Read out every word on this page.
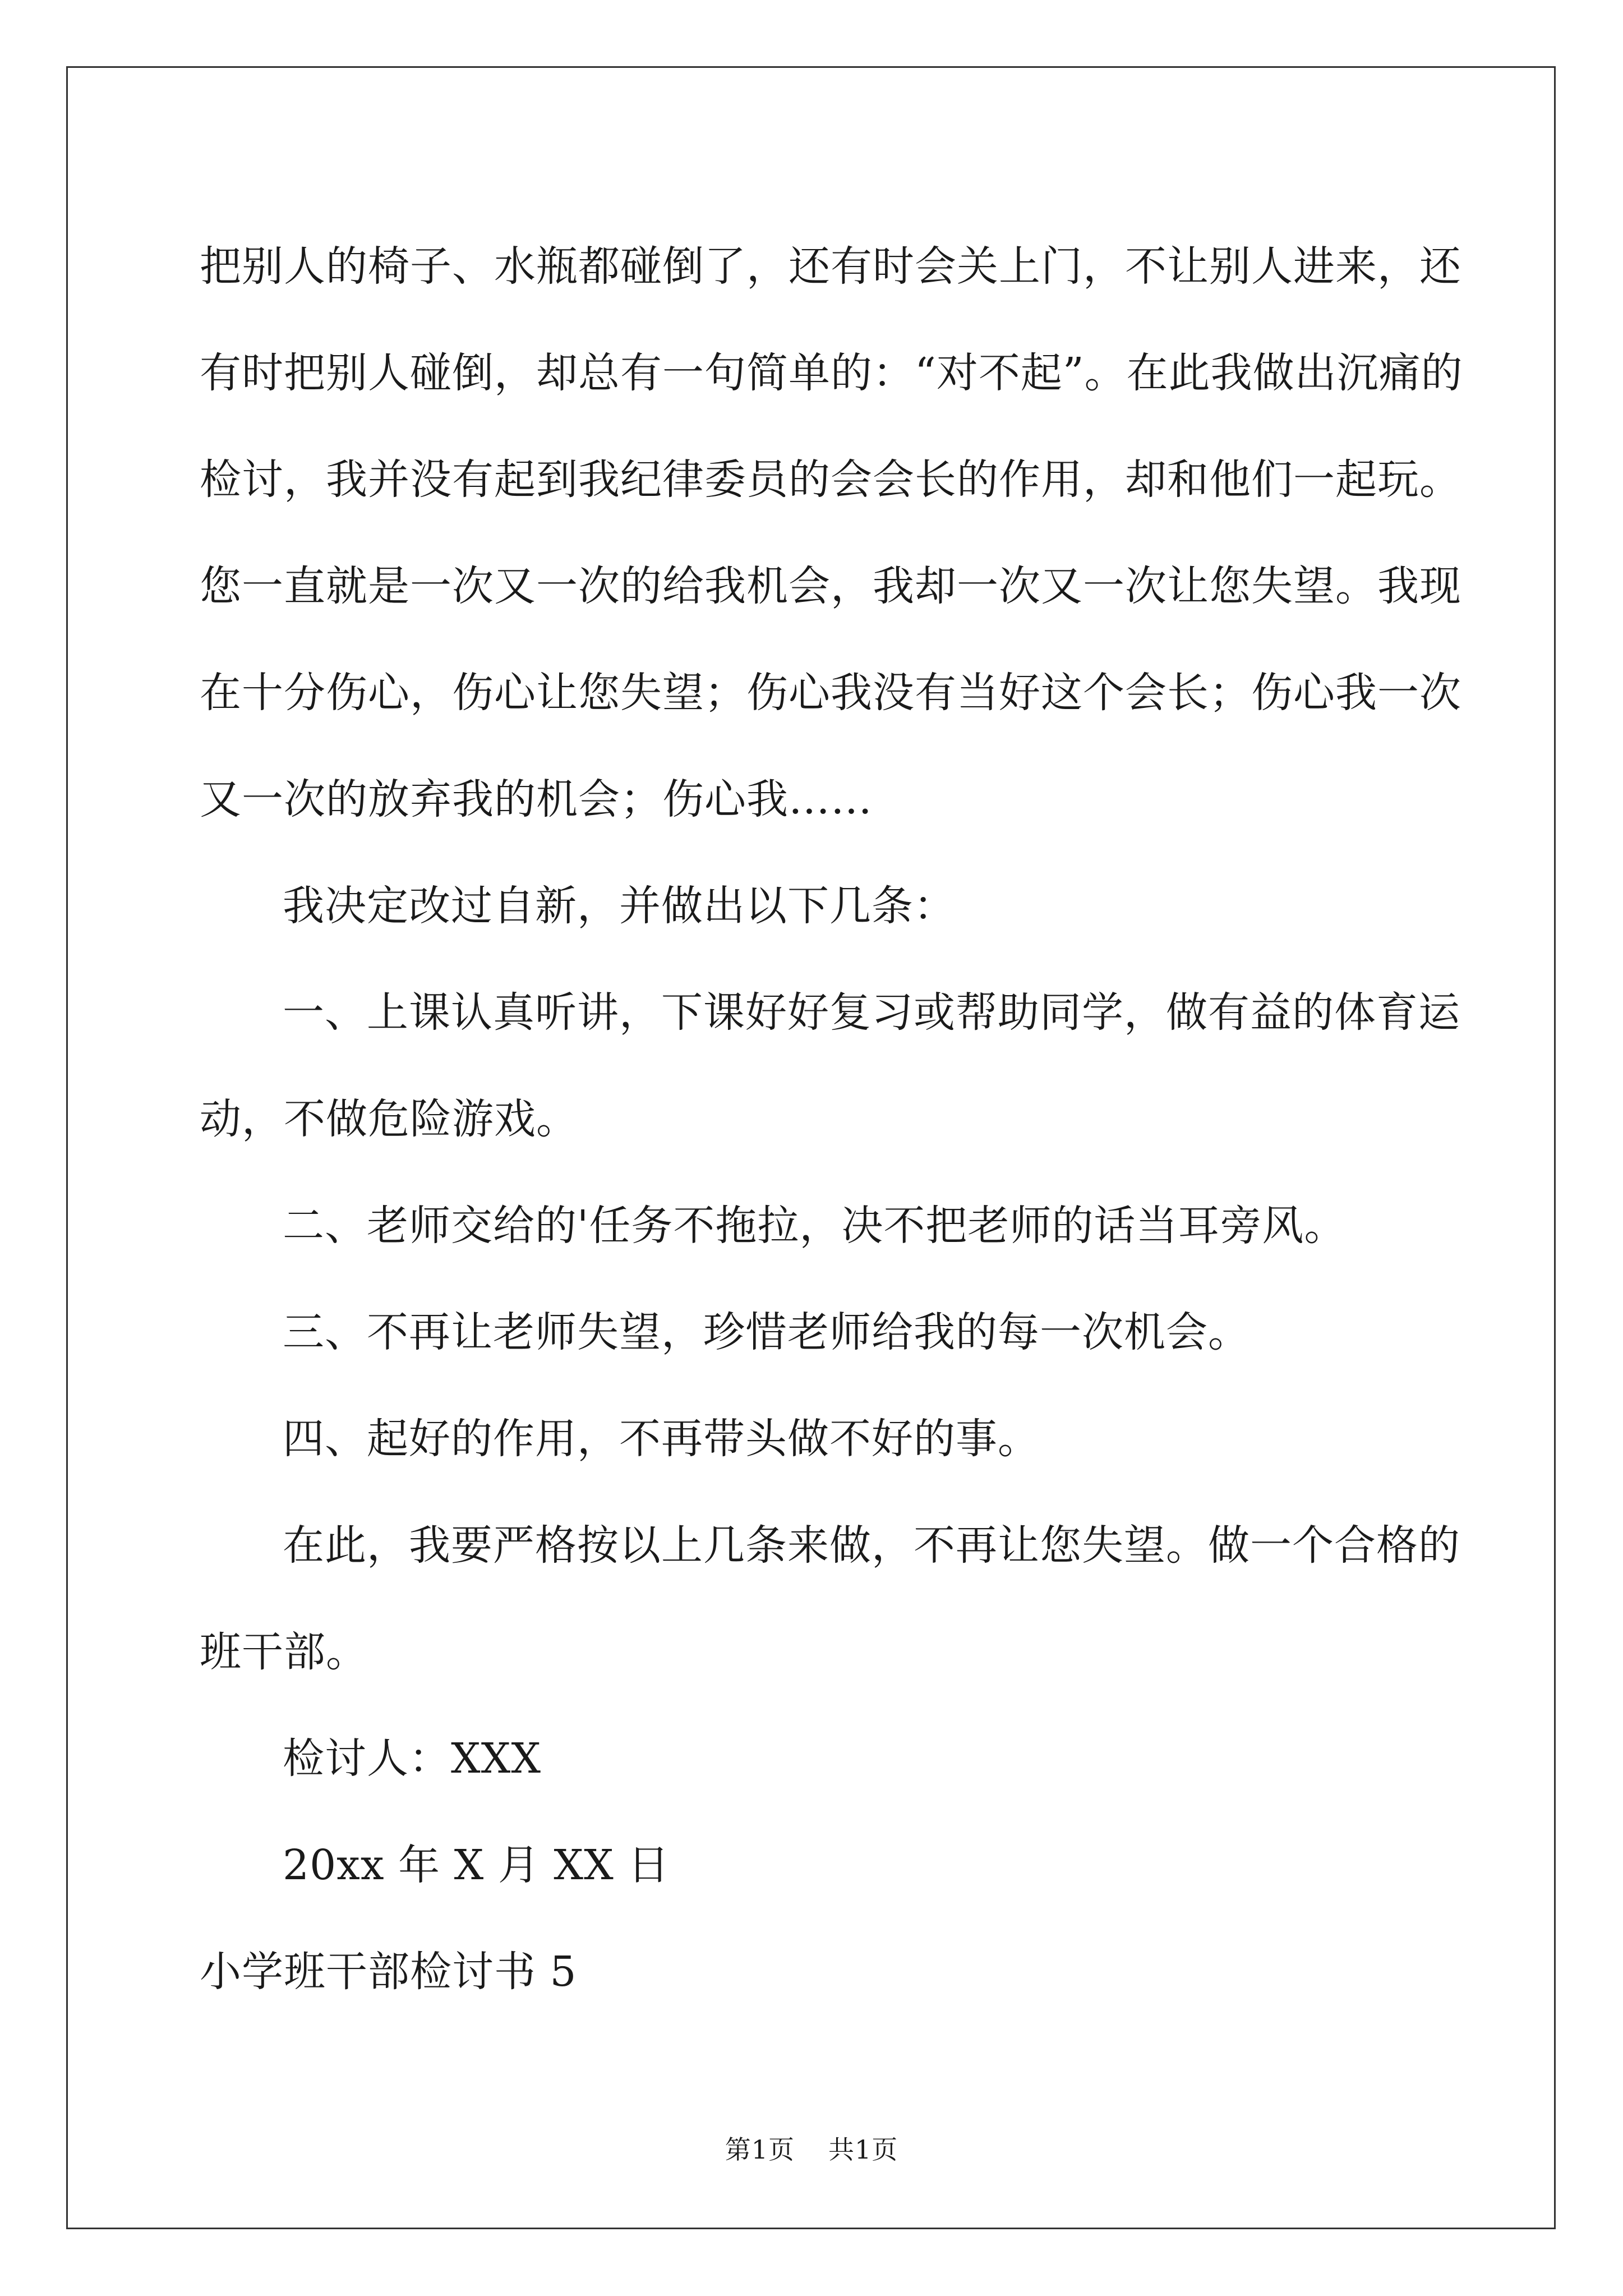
把别人的椅子、水瓶都碰倒了，还有时会关上门，不让别人进来，还
有时把别人碰倒，却总有一句简单的：“对不起”。在此我做出沉痛的
检讨，我并没有起到我纪律委员的会会长的作用，却和他们一起玩。
您一直就是一次又一次的给我机会，我却一次又一次让您失望。我现
在十分伤心，伤心让您失望；伤心我没有当好这个会长；伤心我一次
又一次的放弃我的机会；伤心我……
我决定改过自新，并做出以下几条：
一、上课认真听讲，下课好好复习或帮助同学，做有益的体育运
动，不做危险游戏。
二、老师交给的'任务不拖拉，决不把老师的话当耳旁风。
三、不再让老师失望，珍惜老师给我的每一次机会。
四、起好的作用，不再带头做不好的事。
在此，我要严格按以上几条来做，不再让您失望。做一个合格的
班干部。
检讨人：XXX
20xx 年 X 月 XX 日
小学班干部检讨书 5
第1页 共1页
